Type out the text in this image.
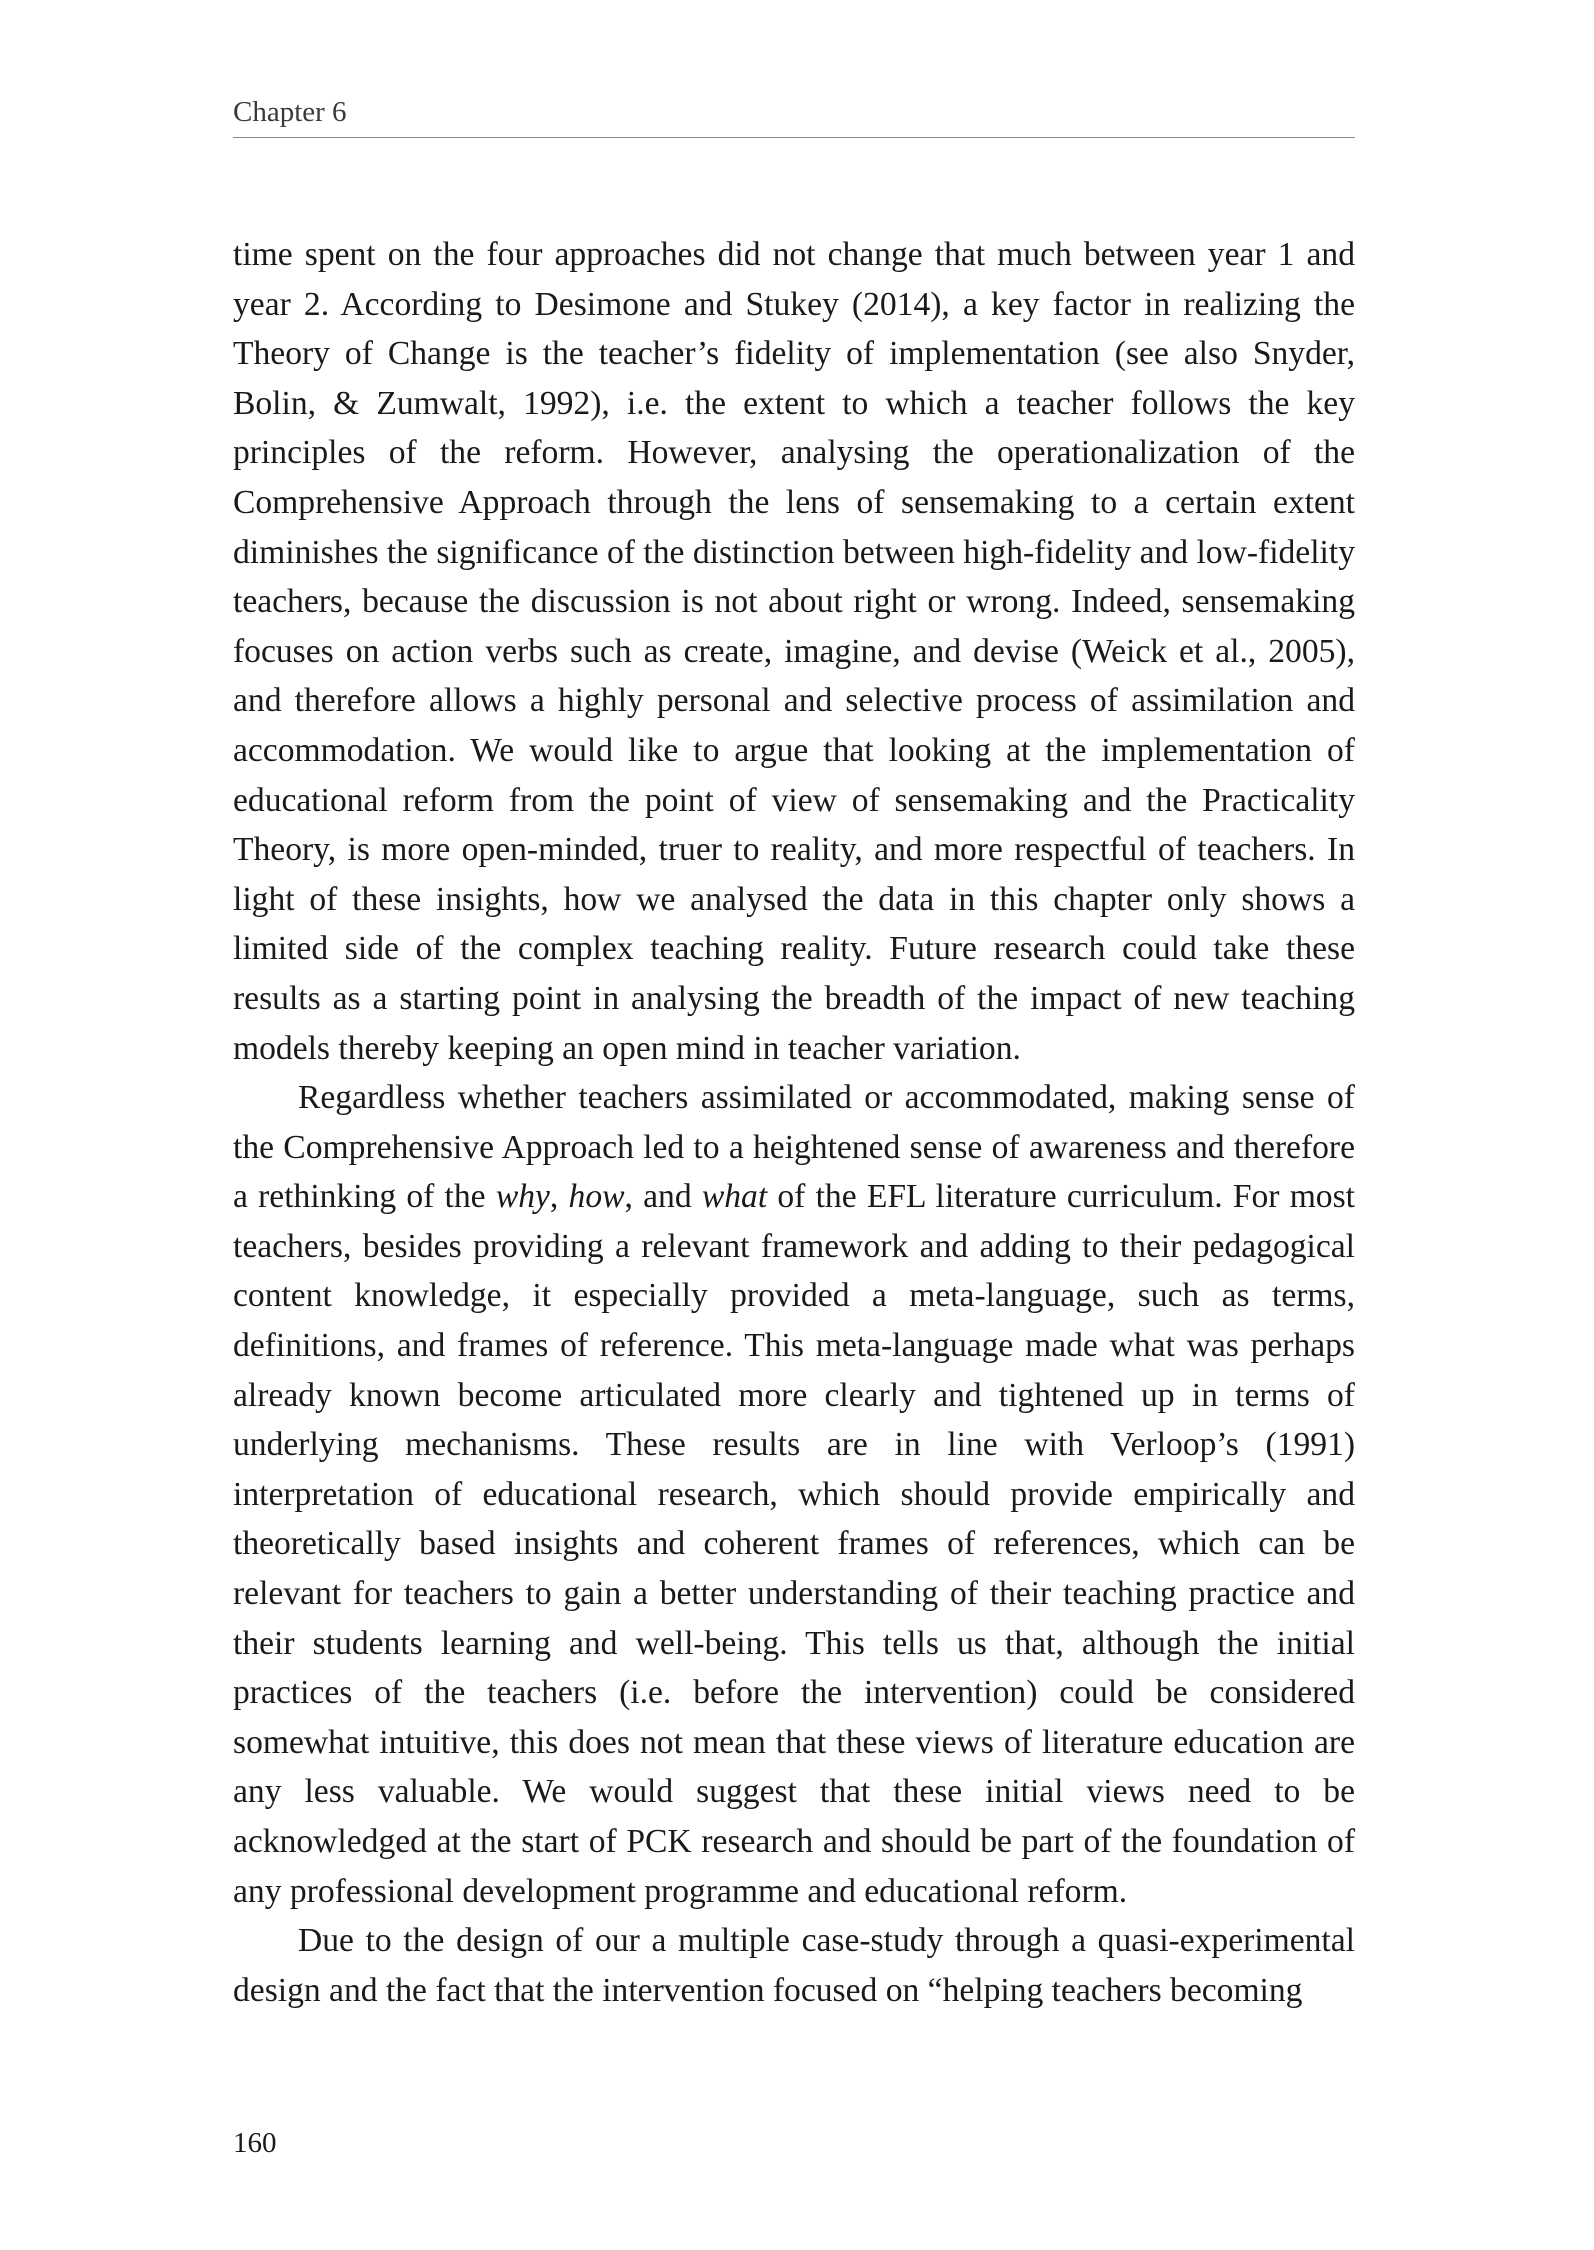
Chapter 6

time spent on the four approaches did not change that much between year 1 and year 2. According to Desimone and Stukey (2014), a key factor in realizing the Theory of Change is the teacher’s fidelity of implementation (see also Snyder, Bolin, & Zumwalt, 1992), i.e. the extent to which a teacher follows the key principles of the reform. However, analysing the operationalization of the Comprehensive Approach through the lens of sensemaking to a certain extent diminishes the significance of the distinction between high-fidelity and low-fidelity teachers, because the discussion is not about right or wrong. Indeed, sensemaking focuses on action verbs such as create, imagine, and devise (Weick et al., 2005), and therefore allows a highly personal and selective process of assimilation and accommodation. We would like to argue that looking at the implementation of educational reform from the point of view of sensemaking and the Practicality Theory, is more open-minded, truer to reality, and more respectful of teachers. In light of these insights, how we analysed the data in this chapter only shows a limited side of the complex teaching reality. Future research could take these results as a starting point in analysing the breadth of the impact of new teaching models thereby keeping an open mind in teacher variation.

Regardless whether teachers assimilated or accommodated, making sense of the Comprehensive Approach led to a heightened sense of awareness and therefore a rethinking of the why, how, and what of the EFL literature curriculum. For most teachers, besides providing a relevant framework and adding to their pedagogical content knowledge, it especially provided a meta-language, such as terms, definitions, and frames of reference. This meta-language made what was perhaps already known become articulated more clearly and tightened up in terms of underlying mechanisms. These results are in line with Verloop’s (1991) interpretation of educational research, which should provide empirically and theoretically based insights and coherent frames of references, which can be relevant for teachers to gain a better understanding of their teaching practice and their students learning and well-being. This tells us that, although the initial practices of the teachers (i.e. before the intervention) could be considered somewhat intuitive, this does not mean that these views of literature education are any less valuable. We would suggest that these initial views need to be acknowledged at the start of PCK research and should be part of the foundation of any professional development programme and educational reform.

Due to the design of our a multiple case-study through a quasi-experimental design and the fact that the intervention focused on “helping teachers becoming

160
